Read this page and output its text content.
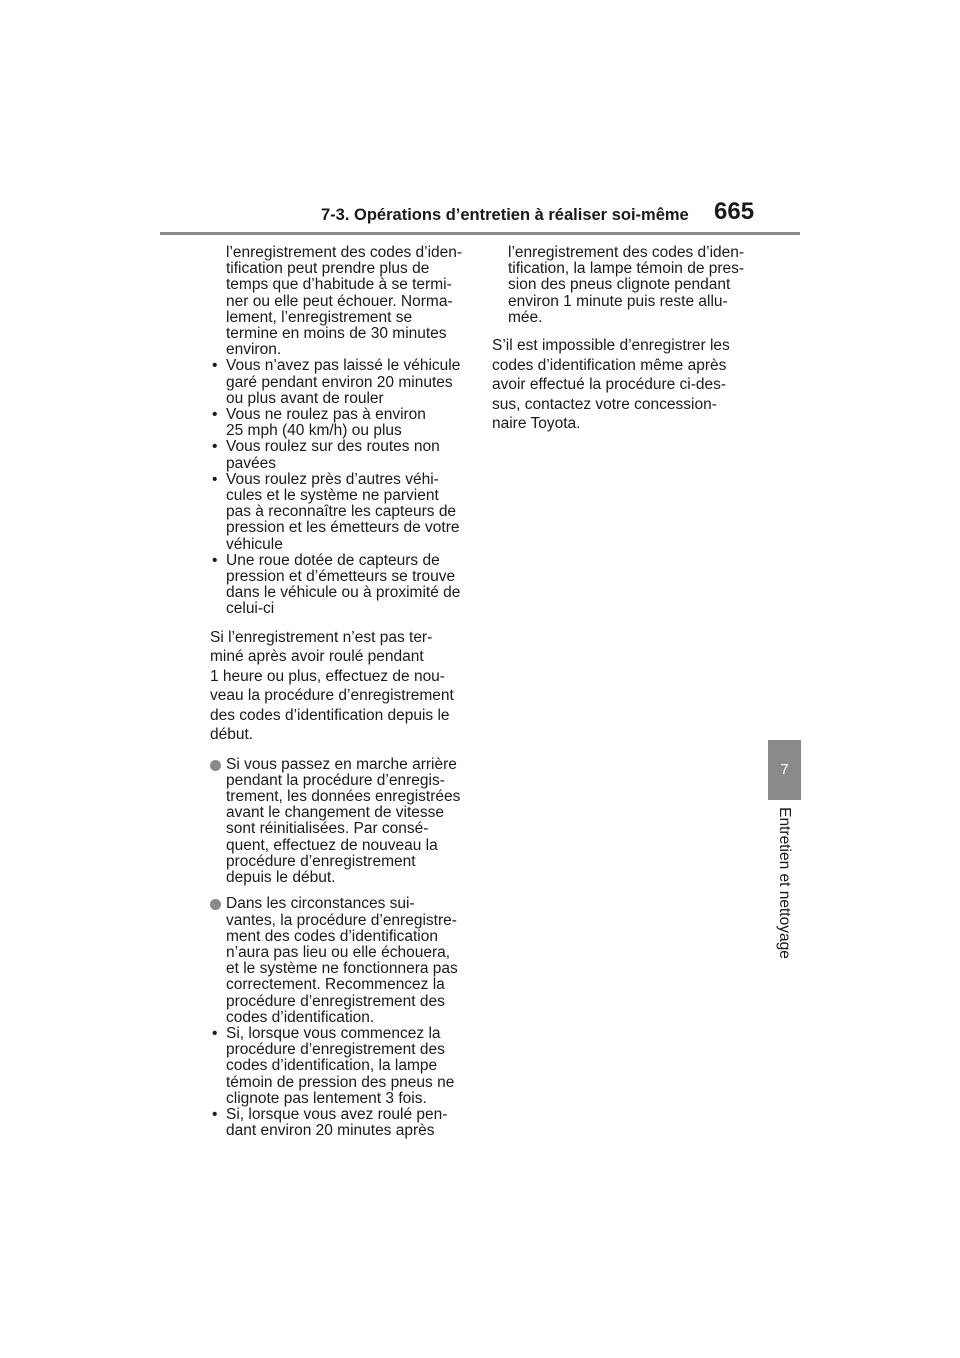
7-3. Opérations d’entretien à réaliser soi-même 665
7
Entretien et nettoyage
l’enregistrement des codes d’iden-
tification peut prendre plus de
temps que d’habitude à se termi-
ner ou elle peut échouer. Norma-
lement, l’enregistrement se
termine en moins de 30 minutes
environ.
• Vous n’avez pas laissé le véhicule
garé pendant environ 20 minutes
ou plus avant de rouler
• Vous ne roulez pas à environ
25 mph (40 km/h) ou plus
• Vous roulez sur des routes non
pavées
• Vous roulez près d’autres véhi-
cules et le système ne parvient
pas à reconnaître les capteurs de
pression et les émetteurs de votre
véhicule
• Une roue dotée de capteurs de
pression et d’émetteurs se trouve
dans le véhicule ou à proximité de
celui-ci
Si l’enregistrement n’est pas ter-
miné après avoir roulé pendant
1 heure ou plus, effectuez de nou-
veau la procédure d’enregistrement
des codes d’identification depuis le
début.
Si vous passez en marche arrière
pendant la procédure d’enregis-
trement, les données enregistrées
avant le changement de vitesse
sont réinitialisées. Par consé-
quent, effectuez de nouveau la
procédure d’enregistrement
depuis le début.
Dans les circonstances sui-
vantes, la procédure d’enregistre-
ment des codes d’identification
n’aura pas lieu ou elle échouera,
et le système ne fonctionnera pas
correctement. Recommencez la
procédure d’enregistrement des
codes d’identification.
• Si, lorsque vous commencez la
procédure d’enregistrement des
codes d’identification, la lampe
témoin de pression des pneus ne
clignote pas lentement 3 fois.
• Si, lorsque vous avez roulé pen-
dant environ 20 minutes après
l’enregistrement des codes d’iden-
tification, la lampe témoin de pres-
sion des pneus clignote pendant
environ 1 minute puis reste allu-
mée.
S’il est impossible d’enregistrer les
codes d’identification même après
avoir effectué la procédure ci-des-
sus, contactez votre concession-
naire Toyota.
